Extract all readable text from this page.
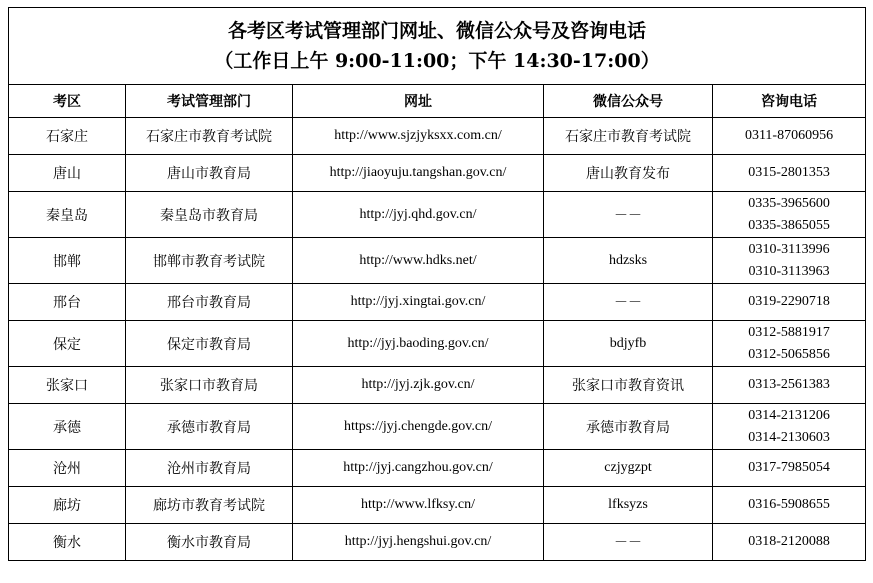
各考区考试管理部门网址、微信公众号及咨询电话
（工作日上午 9:00-11:00；下午 14:30-17:00）				

考区	考试管理部门	网址	微信公众号	咨询电话
石家庄	石家庄市教育考试院	http://www.sjzjyksxx.com.cn/	石家庄市教育考试院	0311-87060956

唐山	唐山市教育局	http://jiaoyuju.tangshan.gov.cn/	唐山教育发布	0315-2801353

秦皇岛	秦皇岛市教育局	http://jyj.qhd.gov.cn/	－－	0335-3965600
0335-3865055

邯郸	邯郸市教育考试院	http://www.hdks.net/	hdzsks	0310-3113996
0310-3113963

邢台	邢台市教育局	http://jyj.xingtai.gov.cn/	－－	0319-2290718

保定	保定市教育局	http://jyj.baoding.gov.cn/	bdjyfb	0312-5881917
0312-5065856

张家口	张家口市教育局	http://jyj.zjk.gov.cn/	张家口市教育资讯	0313-2561383

承德	承德市教育局	https://jyj.chengde.gov.cn/	承德市教育局	0314-2131206
0314-2130603

沧州	沧州市教育局	http://jyj.cangzhou.gov.cn/	czjygzpt	0317-7985054

廊坊	廊坊市教育考试院	http://www.lfksy.cn/	lfksyzs	0316-5908655

衡水	衡水市教育局	http://jyj.hengshui.gov.cn/	－－	0318-2120088
